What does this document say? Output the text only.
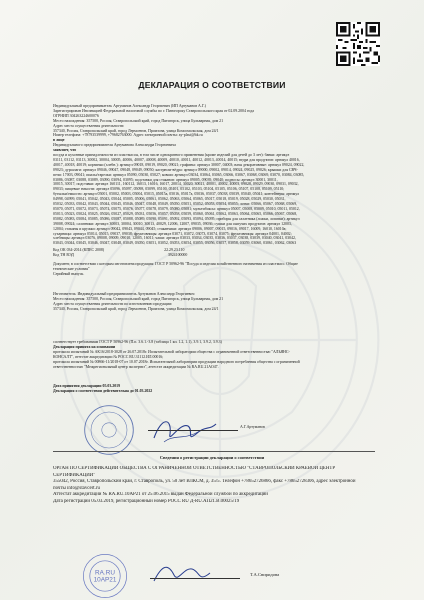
ДЕКЛАРАЦИЯ О СООТВЕТСТВИИ
Индивидуальный предприниматель Артуманов Александр Георгиевич (ИП Артуманов А.Г.)
Зарегистрирован Инспекцией Федеральной налоговой службы по г. Пятигорску Ставропольского края от 02.09.2004 года
ОГРНИП 304263224600076
Место нахождения: 357500, Россия, Ставропольский край, город Пятигорск, улица Бульварная, дом 21
Адрес места осуществления деятельности:
357340, Россия, Ставропольский край, город Лермонтов, Промзона, улица Комсомольская, дом 24/1
Номер телефона: +78793539999, +79682763000. Адрес электронной почты: ay-plast@bk.ru
в лице
Индивидуального предпринимателя Артуманова Александра Георгиевича
заявляет, что
посуда и кухонные принадлежности из пластмассы, в том числе однократного применения (кроме изделий для детей до 3 лет): банки: артикул
03111, 03112, 03113, 30002, 30004, 30005, 40006, 40007, 40008, 40009, 40010, 40011, 40012, 40013, 40014, 40015; ведра для продуктов: артикул 40016,
40017, 40018, 40019; корзинки (хлебн.): артикул 09018, 09019, 09020, 09021; графины: артикул 30007, 04003; вазы декоративные: артикул 09024, 09022,
09023; дуршлаги: артикул 09046, 09047, 09048, 09049, 09050; кастрюли-вёдра: артикул 09000, 09002, 09014, 09024, 09025, 09026; крышки для СВЧ-
печи: 17003, 09041; пиалы/тарелки: артикул 05090, 05030, 05027; ковши: артикул 03034, 03064, 03065, 03066, 03067, 03068, 03069, 03070, 03084, 03085,
03086, 03087, 03088, 03089, 03090, 03094, 03095; подставки для стаканов: артикул 09005, 09039, 09040; подносы: артикул 30001, 30011,
30015, 30017; подставки: артикул 160111, 160112, 16013, 16016, 16017, 20014, 30020, 30021, 40001, 40002, 40003, 09028, 09029, 09030, 09031, 09032,
09033; пищевые емкости: артикул 05096, 05097, 05098, 05099, 05100, 05101, 05102, 05103, 05104, 05105, 05106, 05107, 05108, 05109, 05110;
бутылки/емкости: артикул 05001, 05002, 05003, 05004, 05015, 05015а, 05016, 05017а, 05036, 05037, 05038, 05039, 05040, 05041; контейнеры: артикул
04998, 04999, 05041, 05042, 05043, 05044, 05005, 05006, 05061, 05062, 05063, 05064, 05065, 05017, 05018, 05019, 05028, 05029, 05030, 05031,
05032, 05033, 05042, 05043, 05044, 05045, 05046, 05047, 05048, 05049, 05050, 05051, 05052, 05053, 05054, 05055; лотки: 05066, 05067, 05068, 05069,
05070, 05071, 05072, 05073, 05074, 05075, 05076, 05077, 05078, 05079, 05080, 05081; мультибоксы: артикул 05007, 05008, 05009, 05010, 05011, 05012,
05013, 05023, 05024, 05025, 05026, 05027, 05029, 05031, 05056, 05057, 05058, 05059, 05060, 05061, 05062, 05063, 05064, 05065, 05066, 05067, 05068,
05082, 05083, 05084, 05085, 05086, 05087, 05088, 05089, 05090, 05091, 05092, 05093, 05094, 05095; приборы для салатника (ложки, лопатки): артикул
39008, 09024; салатники: артикул 30003, 30004, 30010, 30013, 40029, 12006, 12007, 09035, 09036; сушки для сыпучих продуктов: артикул 12003,
12004; стаканы и кружки: артикул 09042, 09043, 09044, 09045; стаканчики: артикул 09006, 09007, 09015, 09016, 09017, 16009, 16010, 16010а;
сухарницы: артикул 05014, 05015, 09037, 09038; фруктовницы: артикул 03071, 03072, 03073, 03074, 03075; фруктовницы: артикул 04001, 04002;
хлебницы: артикул 03076, 09008, 09009, 09010, 12005, 16011; чаши: артикул 03033, 03034, 03035, 03036, 03037, 03038, 03039, 03040, 03041, 03042,
03043, 03044, 03045, 03046, 03047, 03048, 03049, 03050, 03051, 03052, 03053, 03054, 03055, 03056, 03057, 03058, 03059, 03060, 03061, 03062, 03063
Код ОК 034-2014 (КПЕС 2008)	22.29.23.110
Код ТН ВЭД	3924100000
Документ, в соответствии с которым изготовлена продукция: ГОСТ Р 50962-96 "Посуда и изделия хозяйственного назначения из пластмасс. Общие
технические условия"
Серийный выпуск.
Изготовитель: Индивидуальный предприниматель Артуманов Александр Георгиевич
Место нахождения: 357500, Россия, Ставропольский край, город Пятигорск, улица Бульварная, дом 21
Адрес места осуществления деятельности по изготовлению продукции:
357340, Россия, Ставропольский край, город Лермонтов, Промзона, улица Комсомольская, дом 24/1
соответствует требованиям ГОСТ Р 50962-96 (П.п. 3.6.1.-3.8 (таблица 1 кп. 1.2, 1.1), 3.9.1, 3.9.2, 3.9.3)
Декларация принята на основании
протокола испытаний № АК16/2018-3028 от 26.07.2018г. Испытательной лаборатории общества с ограниченной ответственностью "АЛЬЯНС-
КОНСАЛТ", аттестат аккредитации № РОСС RU.31112.ИЛ.00016;
протокола испытаний № 00866-11/2018-07 от 10.07.2018г. Испытательной лаборатории продукции народного потребления общества с ограниченной
ответственностью "Межрегиональный центр экспертиз", аттестат аккредитации № RA.RU.21АО47.
Дата принятия декларации 05.03.2019
Декларация о соответствии действительна до 01.03.2022
А.Г.Артуманов
Сведения о регистрации декларации о соответствии
ОРГАН ПО СЕРТИФИКАЦИИ ОБЩЕСТВА С ОГРАНИЧЕННОЙ ОТВЕТСТВЕННОСТЬЮ "СТАВРОПОЛЬСКИЙ КРАЕВОЙ ЦЕНТР
СЕРТИФИКАЦИИ"
355042, Россия, Ставропольский край, г. Ставрополь, ул. 50 лет ВЛКСМ, д. 35/5. Телефон +78652726866, факс +78652728306, адрес электронной
почты info@stavcert.ru
Аттестат аккредитации № RA.RU.10AP21 от 25.06.2015 выдан Федеральной службой по аккредитации
Дата регистрации 05.03.2019, регистрационный номер РОСС RU Д-RU.АП21.В.00025/19
RA.RU
10AP21
Т.А.Свиридова
